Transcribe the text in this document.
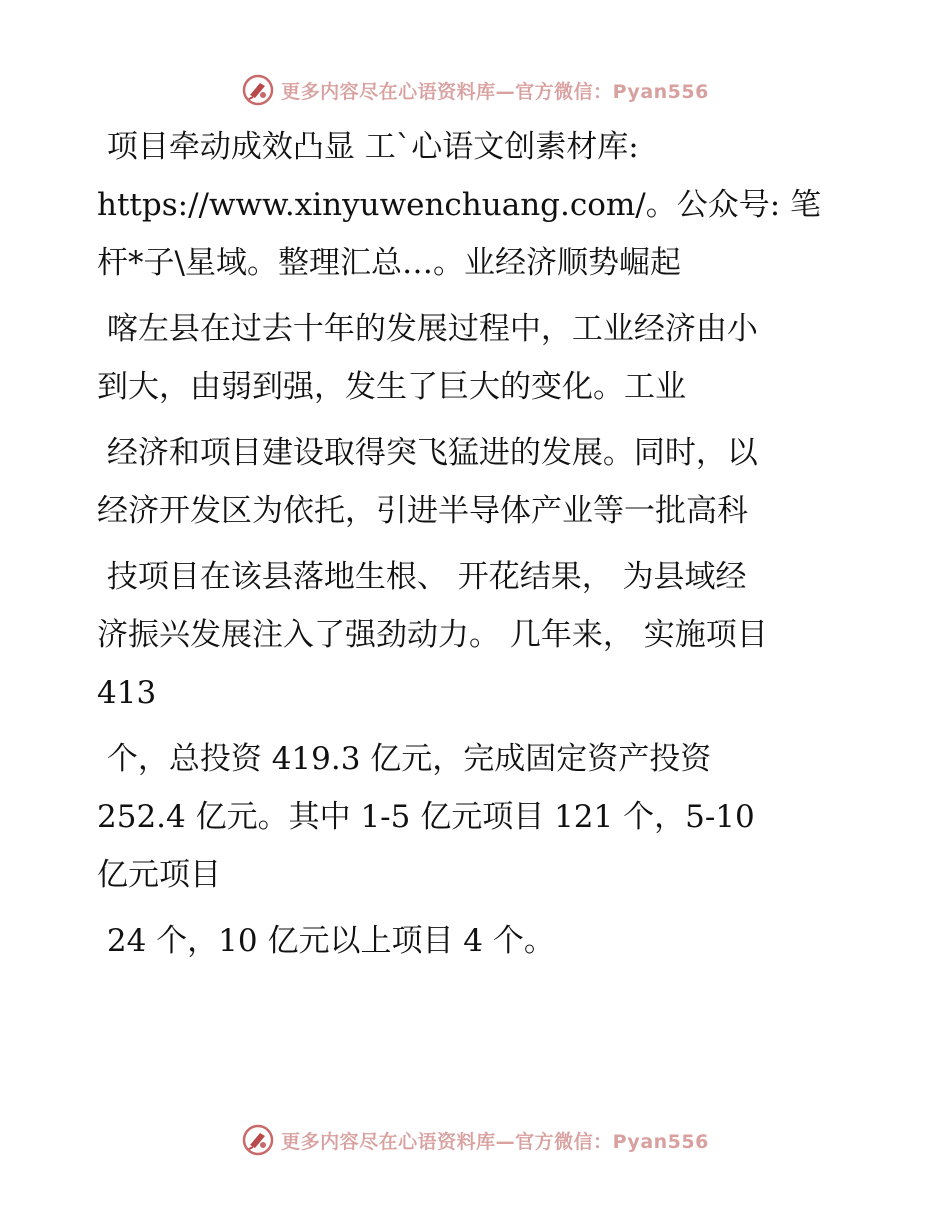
更多内容尽在心语资料库—官方微信：Pyan556
项目牵动成效凸显 工`心语文创素材库:
https://www.xinyuwenchuang.com/。公众号: 笔
杆*子\星域。整理汇总…。业经济顺势崛起
喀左县在过去十年的发展过程中，工业经济由小
到大，由弱到强，发生了巨大的变化。工业
经济和项目建设取得突飞猛进的发展。同时，以
经济开发区为依托，引进半导体产业等一批高科
技项目在该县落地生根、 开花结果， 为县域经
济振兴发展注入了强劲动力。 几年来， 实施项目
413
个，总投资 419.3 亿元，完成固定资产投资
252.4 亿元。其中 1-5 亿元项目 121 个，5-10
亿元项目
24 个，10 亿元以上项目 4 个。
更多内容尽在心语资料库—官方微信：Pyan556
